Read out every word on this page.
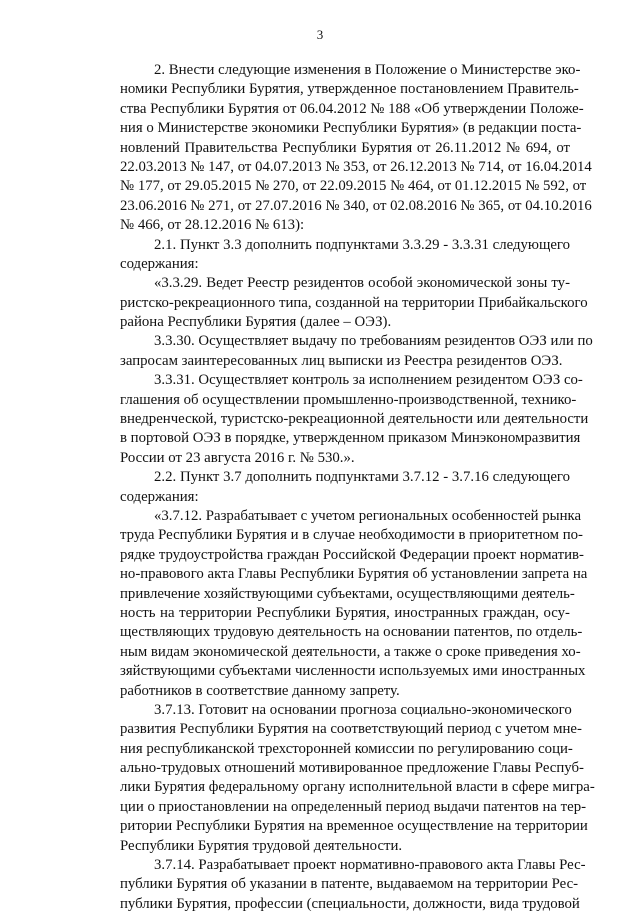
3
2. Внести следующие изменения в Положение о Министерстве эко-
номики Республики Бурятия, утвержденное постановлением Правитель-
ства Республики Бурятия от 06.04.2012 № 188 «Об утверждении Положе-
ния о Министерстве экономики Республики Бурятия» (в редакции поста-
новлений Правительства Республики Бурятия от 26.11.2012 № 694, от
22.03.2013 № 147, от 04.07.2013 № 353, от 26.12.2013 № 714, от 16.04.2014
№ 177, от 29.05.2015 № 270, от 22.09.2015 № 464, от 01.12.2015 № 592, от
23.06.2016 № 271, от 27.07.2016 № 340, от 02.08.2016 № 365, от 04.10.2016
№ 466, от 28.12.2016 № 613):
2.1. Пункт 3.3 дополнить подпунктами 3.3.29 - 3.3.31 следующего
содержания:
«3.3.29. Ведет Реестр резидентов особой экономической зоны ту-
ристско-рекреационного типа, созданной на территории Прибайкальского
района Республики Бурятия (далее – ОЭЗ).
3.3.30. Осуществляет выдачу по требованиям резидентов ОЭЗ или по
запросам заинтересованных лиц выписки из Реестра резидентов ОЭЗ.
3.3.31. Осуществляет контроль за исполнением резидентом ОЭЗ со-
глашения об осуществлении промышленно-производственной, технико-
внедренческой, туристско-рекреационной деятельности или деятельности
в портовой ОЭЗ в порядке, утвержденном приказом Минэкономразвития
России от 23 августа 2016 г. № 530.».
2.2. Пункт 3.7 дополнить подпунктами 3.7.12 - 3.7.16 следующего
содержания:
«3.7.12. Разрабатывает с учетом региональных особенностей рынка
труда Республики Бурятия и в случае необходимости в приоритетном по-
рядке трудоустройства граждан Российской Федерации проект норматив-
но-правового акта Главы Республики Бурятия об установлении запрета на
привлечение хозяйствующими субъектами, осуществляющими деятель-
ность на территории Республики Бурятия, иностранных граждан, осу-
ществляющих трудовую деятельность на основании патентов, по отдель-
ным видам экономической деятельности, а также о сроке приведения хо-
зяйствующими субъектами численности используемых ими иностранных
работников в соответствие данному запрету.
3.7.13. Готовит на основании прогноза социально-экономического
развития Республики Бурятия на соответствующий период с учетом мне-
ния республиканской трехсторонней комиссии по регулированию соци-
ально-трудовых отношений мотивированное предложение Главы Респуб-
лики Бурятия федеральному органу исполнительной власти в сфере мигра-
ции о приостановлении на определенный период выдачи патентов на тер-
ритории Республики Бурятия на временное осуществление на территории
Республики Бурятия трудовой деятельности.
3.7.14. Разрабатывает проект нормативно-правового акта Главы Рес-
публики Бурятия об указании в патенте, выдаваемом на территории Рес-
публики Бурятия, профессии (специальности, должности, вида трудовой
